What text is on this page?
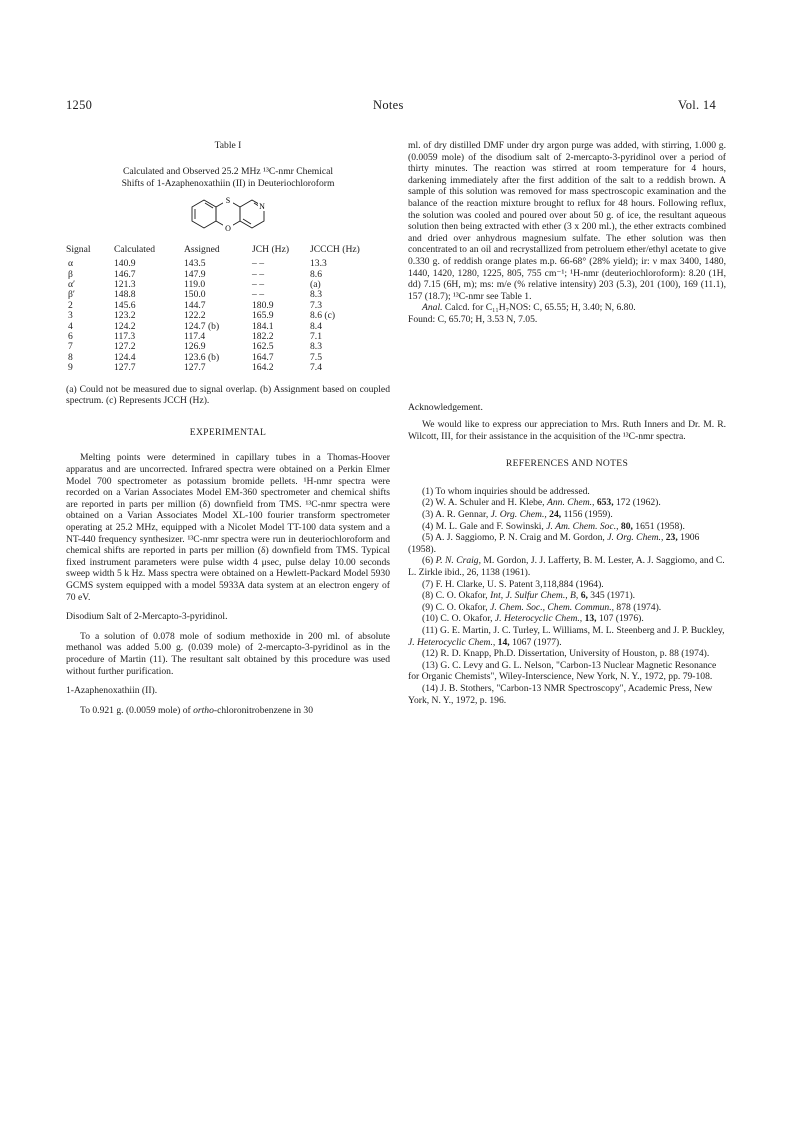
1250	Notes	Vol. 14

Table I

Calculated and Observed 25.2 MHz ¹³C-nmr Chemical
Shifts of 1-Azaphenoxathiin (II) in Deuteriochloroform
S
O
N
Signal	Calculated	Assigned	JCH (Hz)	JCCCH (Hz)
α	140.9	143.5	– –	13.3
β	146.7	147.9	– –	8.6
α′	121.3	119.0	– –	(a)
β′	148.8	150.0	– –	8.3
2	145.6	144.7	180.9	7.3
3	123.2	122.2	165.9	8.6 (c)
4	124.2	124.7 (b)	184.1	8.4
6	117.3	117.4	182.2	7.1
7	127.2	126.9	162.5	8.3
8	124.4	123.6 (b)	164.7	7.5
9	127.7	127.7	164.2	7.4

(a) Could not be measured due to signal overlap. (b) Assignment based on coupled spectrum. (c) Represents JCCH (Hz).

EXPERIMENTAL

Melting points were determined in capillary tubes in a Thomas-Hoover apparatus and are uncorrected. Infrared spectra were obtained on a Perkin Elmer Model 700 spectrometer as potassium bromide pellets. ¹H-nmr spectra were recorded on a Varian Associates Model EM-360 spectrometer and chemical shifts are reported in parts per million (δ) downfield from TMS. ¹³C-nmr spectra were obtained on a Varian Associates Model XL-100 fourier transform spectrometer operating at 25.2 MHz, equipped with a Nicolet Model TT-100 data system and a NT-440 frequency synthesizer. ¹³C-nmr spectra were run in deuteriochloroform and chemical shifts are reported in parts per million (δ) downfield from TMS. Typical fixed instrument parameters were pulse width 4 μsec, pulse delay 10.00 seconds sweep width 5 k Hz. Mass spectra were obtained on a Hewlett-Packard Model 5930 GCMS system equipped with a model 5933A data system at an electron engery of 70 eV.

Disodium Salt of 2-Mercapto-3-pyridinol.

To a solution of 0.078 mole of sodium methoxide in 200 ml. of absolute methanol was added 5.00 g. (0.039 mole) of 2-mercapto-3-pyridinol as in the procedure of Martin (11). The resultant salt obtained by this procedure was used without further purification.

1-Azaphenoxathiin (II).

To 0.921 g. (0.0059 mole) of ortho-chloronitrobenzene in 30

ml. of dry distilled DMF under dry argon purge was added, with stirring, 1.000 g. (0.0059 mole) of the disodium salt of 2-mercapto-3-pyridinol over a period of thirty minutes. The reaction was stirred at room temperature for 4 hours, darkening immediately after the first addition of the salt to a reddish brown. A sample of this solution was removed for mass spectroscopic examination and the balance of the reaction mixture brought to reflux for 48 hours. Following reflux, the solution was cooled and poured over about 50 g. of ice, the resultant aqueous solution then being extracted with ether (3 x 200 ml.), the ether extracts combined and dried over anhydrous magnesium sulfate. The ether solution was then concentrated to an oil and recrystallized from petroluem ether/ethyl acetate to give 0.330 g. of reddish orange plates m.p. 66-68° (28% yield); ir: ν max 3400, 1480, 1440, 1420, 1280, 1225, 805, 755 cm⁻¹; ¹H-nmr (deuteriochloroform): 8.20 (1H, dd) 7.15 (6H, m); ms: m/e (% relative intensity) 203 (5.3), 201 (100), 169 (11.1), 157 (18.7); ¹³C-nmr see Table 1.

Anal. Calcd. for C₁₁H₇NOS: C, 65.55; H, 3.40; N, 6.80.

Found: C, 65.70; H, 3.53 N, 7.05.

Acknowledgement.

We would like to express our appreciation to Mrs. Ruth Inners and Dr. M. R. Wilcott, III, for their assistance in the acquisition of the ¹³C-nmr spectra.

REFERENCES AND NOTES

(1) To whom inquiries should be addressed.

(2) W. A. Schuler and H. Klebe, Ann. Chem., 653, 172 (1962).

(3) A. R. Gennar, J. Org. Chem., 24, 1156 (1959).

(4) M. L. Gale and F. Sowinski, J. Am. Chem. Soc., 80, 1651 (1958).

(5) A. J. Saggiomo, P. N. Craig and M. Gordon, J. Org. Chem., 23, 1906 (1958).

(6) P. N. Craig, M. Gordon, J. J. Lafferty, B. M. Lester, A. J. Saggiomo, and C. L. Zirkle ibid., 26, 1138 (1961).

(7) F. H. Clarke, U. S. Patent 3,118,884 (1964).

(8) C. O. Okafor, Int, J. Sulfur Chem., B, 6, 345 (1971).

(9) C. O. Okafor, J. Chem. Soc., Chem. Commun., 878 (1974).

(10) C. O. Okafor, J. Heterocyclic Chem., 13, 107 (1976).

(11) G. E. Martin, J. C. Turley, L. Williams, M. L. Steenberg and J. P. Buckley, J. Heterocyclic Chem., 14, 1067 (1977).

(12) R. D. Knapp, Ph.D. Dissertation, University of Houston, p. 88 (1974).

(13) G. C. Levy and G. L. Nelson, "Carbon-13 Nuclear Magnetic Resonance for Organic Chemists", Wiley-Interscience, New York, N. Y., 1972, pp. 79-108.

(14) J. B. Stothers, "Carbon-13 NMR Spectroscopy", Academic Press, New York, N. Y., 1972, p. 196.
